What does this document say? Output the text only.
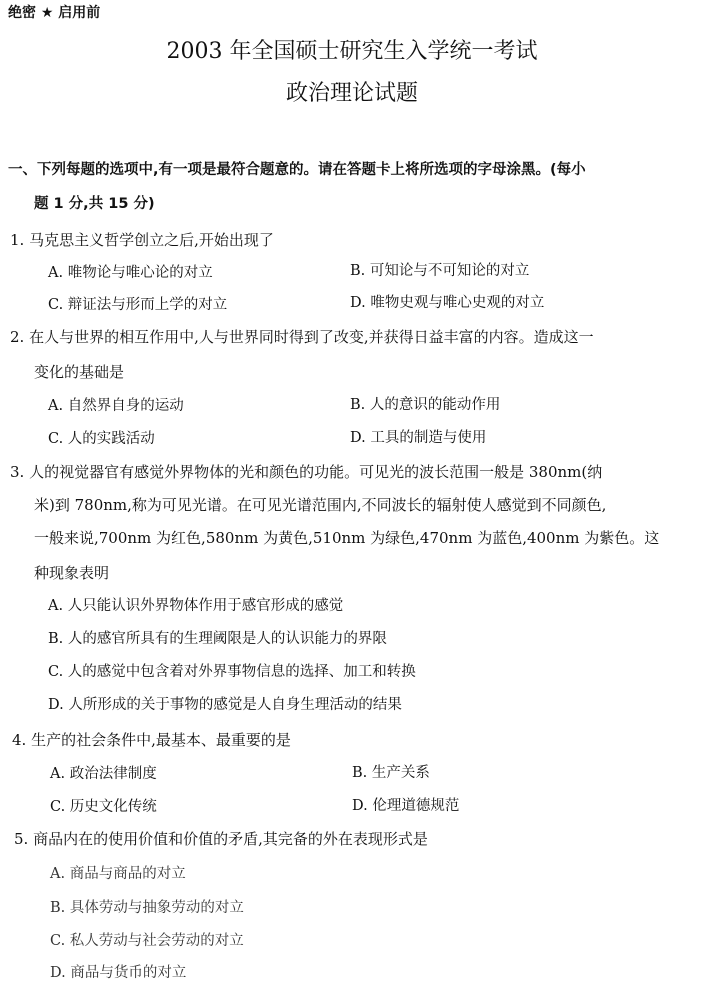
绝密 ★ 启用前
2003 年全国硕士研究生入学统一考试
政治理论试题
一、下列每题的选项中,有一项是最符合题意的。请在答题卡上将所选项的字母涂黑。(每小
题 1 分,共 15 分)
1. 马克思主义哲学创立之后,开始出现了
A. 唯物论与唯心论的对立	B. 可知论与不可知论的对立
C. 辩证法与形而上学的对立	D. 唯物史观与唯心史观的对立
2. 在人与世界的相互作用中,人与世界同时得到了改变,并获得日益丰富的内容。造成这一
变化的基础是
A. 自然界自身的运动	B. 人的意识的能动作用
C. 人的实践活动	D. 工具的制造与使用
3. 人的视觉器官有感觉外界物体的光和颜色的功能。可见光的波长范围一般是 380nm(纳
米)到 780nm,称为可见光谱。在可见光谱范围内,不同波长的辐射使人感觉到不同颜色,
一般来说,700nm 为红色,580nm 为黄色,510nm 为绿色,470nm 为蓝色,400nm 为紫色。这
种现象表明
A. 人只能认识外界物体作用于感官形成的感觉
B. 人的感官所具有的生理阈限是人的认识能力的界限
C. 人的感觉中包含着对外界事物信息的选择、加工和转换
D. 人所形成的关于事物的感觉是人自身生理活动的结果
4. 生产的社会条件中,最基本、最重要的是
A. 政治法律制度	B. 生产关系
C. 历史文化传统	D. 伦理道德规范
5. 商品内在的使用价值和价值的矛盾,其完备的外在表现形式是
A. 商品与商品的对立
B. 具体劳动与抽象劳动的对立
C. 私人劳动与社会劳动的对立
D. 商品与货币的对立
